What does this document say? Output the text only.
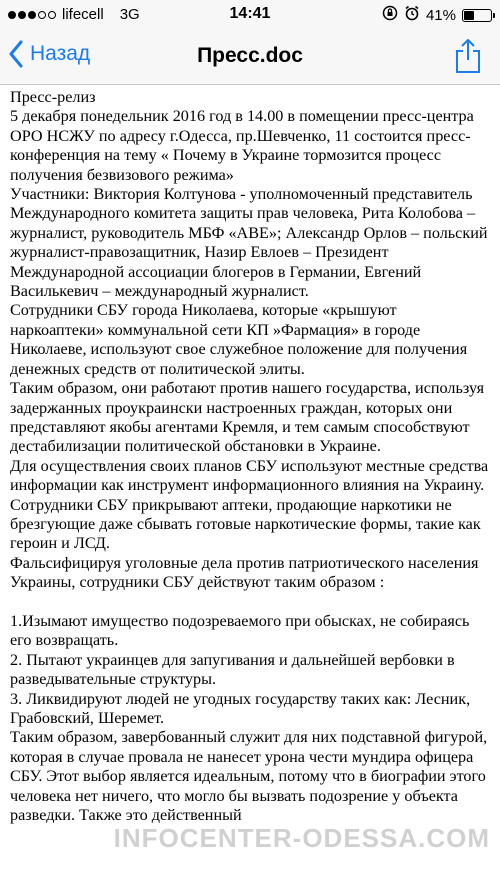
lifecell 3G	14:41	41%
Назад	Пресс.doc

Пресс-релиз

5 декабря понедельник 2016 год в 14.00 в помещении пресс-центра ОРО НСЖУ по адресу г.Одесса, пр.Шевченко, 11 состоится пресс-конференция на тему « Почему в Украине тормозится процесс получения безвизового режима»

Участники: Виктория Колтунова - уполномоченный представитель Международного комитета защиты прав человека, Рита Колобова – журналист, руководитель МБФ «АВЕ»; Александр Орлов – польский журналист-правозащитник, Назир Евлоев – Президент Международной ассоциации блогеров в Германии, Евгений Василькевич – международный журналист.

Сотрудники СБУ города Николаева, которые «крышуют наркоаптеки» коммунальной сети КП »Фармация» в городе Николаеве, используют свое служебное положение для получения денежных средств от политической элиты.

Таким образом, они работают против нашего государства, используя задержанных проукраински настроенных граждан, которых они представляют якобы агентами Кремля, и тем самым способствуют дестабилизации политической обстановки в Украине.

Для осуществления своих планов СБУ используют местные средства информации как инструмент информационного влияния на Украину.

Сотрудники СБУ прикрывают аптеки, продающие наркотики не брезгующие даже сбывать готовые наркотические формы, такие как героин и ЛСД.

Фальсифицируя уголовные дела против патриотического населения Украины, сотрудники СБУ действуют таким образом :

1.Изымают имущество подозреваемого при обысках, не собираясь его возвращать.

2. Пытают украинцев для запугивания и дальнейшей вербовки в разведывательные структуры.

3. Ликвидируют людей не угодных государству таких как: Лесник, Грабовский, Шеремет.

Таким образом, завербованный служит для них подставной фигурой, которая в случае провала не нанесет урона чести мундира офицера СБУ. Этот выбор является идеальным, потому что в биографии этого человека нет ничего, что могло бы вызвать подозрение у объекта разведки. Также это действенный

INFOCENTER-ODESSA.COM
